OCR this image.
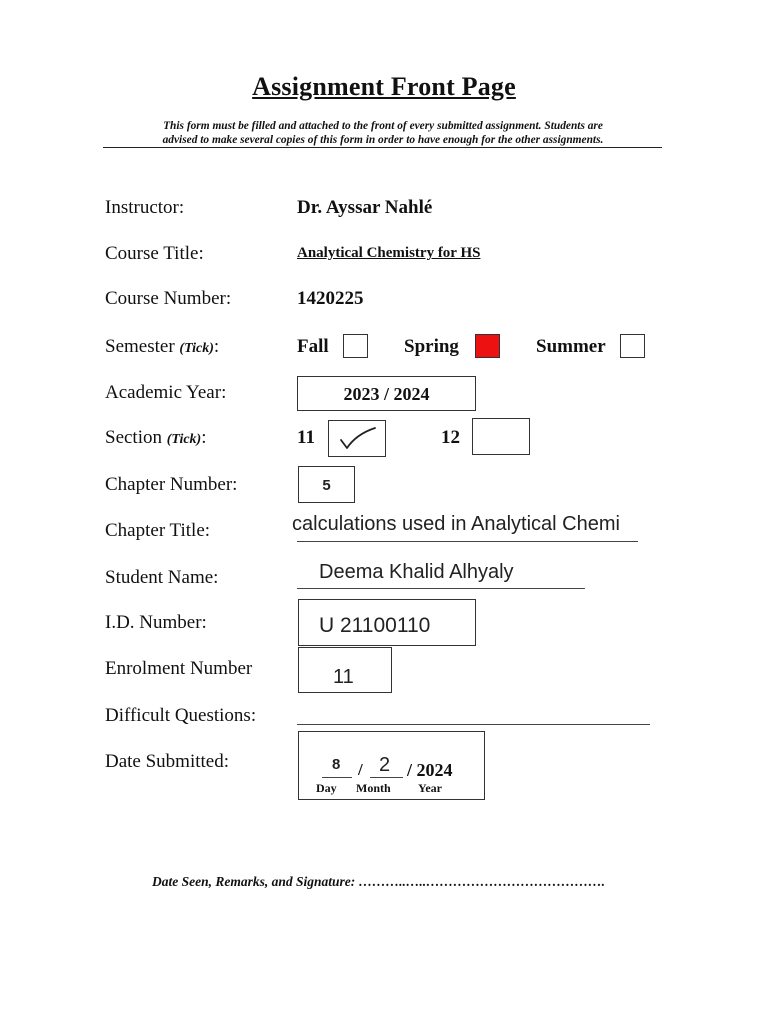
Assignment Front Page
This form must be filled and attached to the front of every submitted assignment. Students are
advised to make several copies of this form in order to have enough for the other assignments.
Instructor:	Dr. Ayssar Nahlé
Course Title:	Analytical Chemistry for HS
Course Number:	1420225
Semester (Tick):	Fall	Spring	Summer
Academic Year:	2023 / 2024
Section (Tick):	11	12
Chapter Number:	5
Chapter Title:	calculations used in Analytical Chemi
Student Name:	Deema Khalid Alhyaly
I.D. Number:	U 21100110
Enrolment Number	11
Difficult Questions:
Date Submitted:	8 / 2 / 2024
Day Month Year
Date Seen, Remarks, and Signature: ………..…..………………………………….
